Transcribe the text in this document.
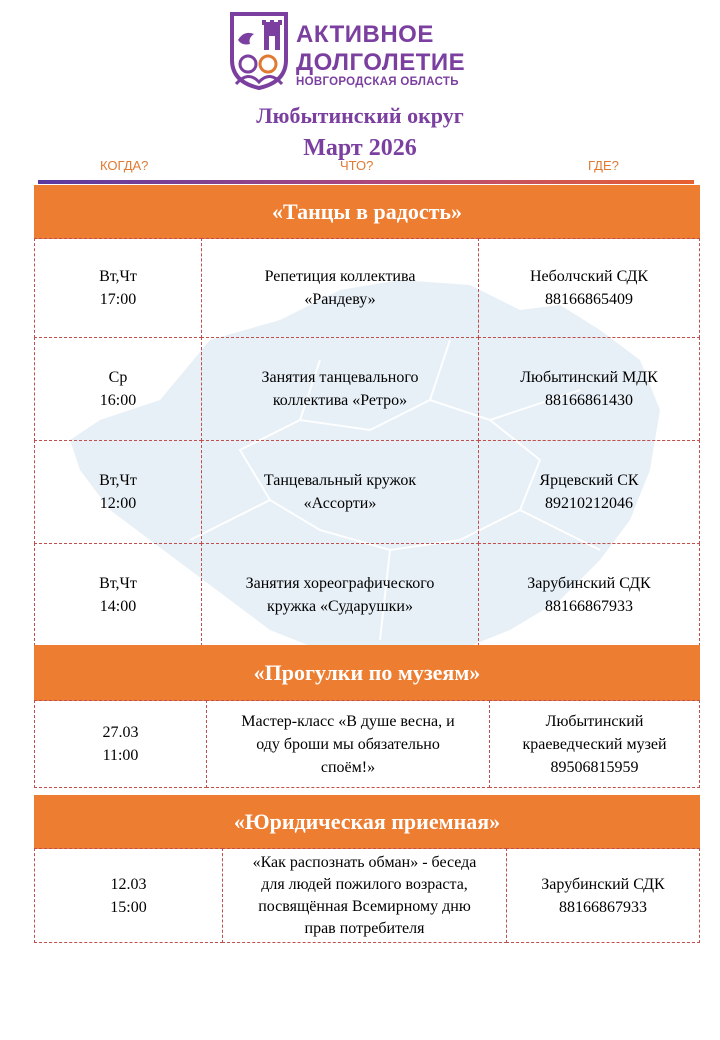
АКТИВНОЕ
ДОЛГОЛЕТИЕ
НОВГОРОДСКАЯ ОБЛАСТЬ
Любытинский округ
Март 2026
КОГДА?	ЧТО?	ГДЕ?
«Танцы в радость»
Вт,Чт
17:00
Репетиция коллектива
«Рандеву»
Неболчский СДК
88166865409
Ср
16:00
Занятия танцевального
коллектива «Ретро»
Любытинский МДК
88166861430
Вт,Чт
12:00
Танцевальный кружок
«Ассорти»
Ярцевский СК
89210212046
Вт,Чт
14:00
Занятия хореографического
кружка «Сударушки»
Зарубинский СДК
88166867933
«Прогулки по музеям»
27.03
11:00
Мастер-класс «В душе весна, и
оду броши мы обязательно
споём!»
Любытинский
краеведческий музей
89506815959
«Юридическая приемная»
12.03
15:00
«Как распознать обман» - беседа
для людей пожилого возраста,
посвящённая Всемирному дню
прав потребителя
Зарубинский СДК
88166867933
